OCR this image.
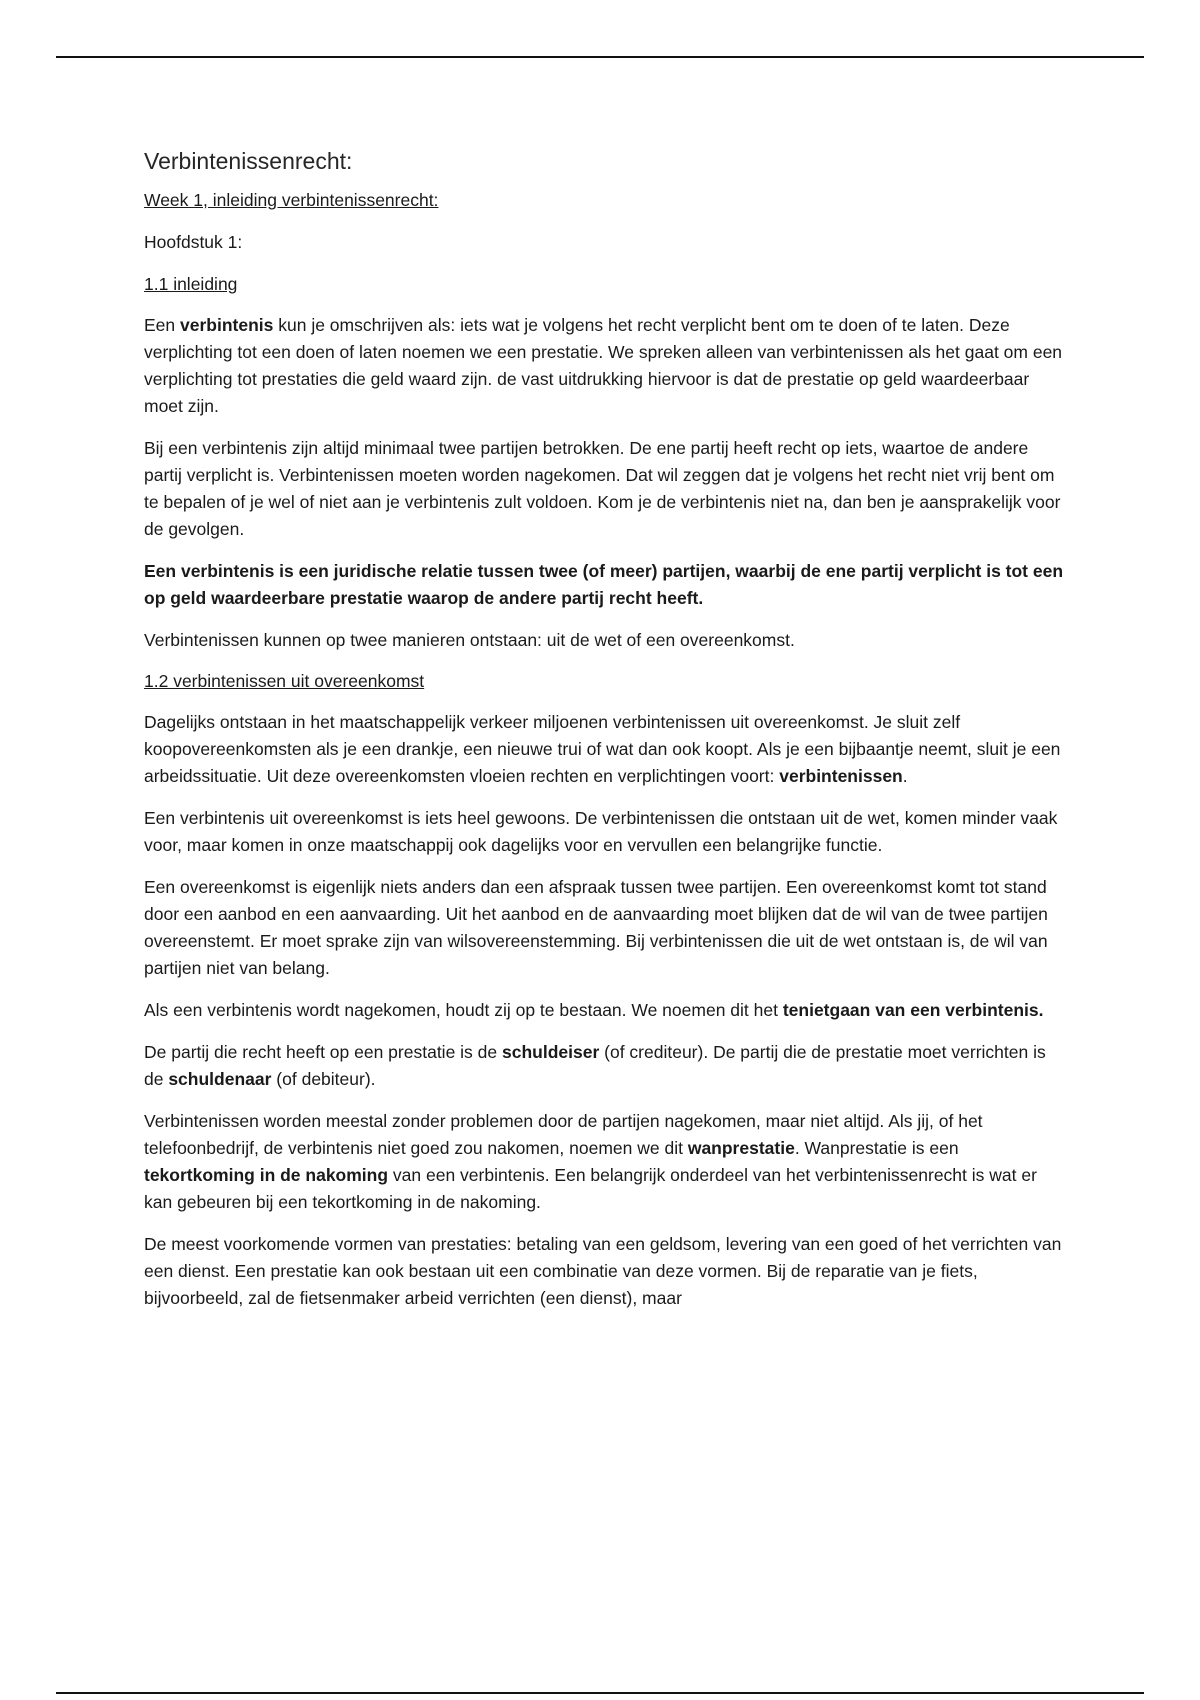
Verbintenissenrecht:
Week 1, inleiding verbintenissenrecht:
Hoofdstuk 1:
1.1 inleiding

Een verbintenis kun je omschrijven als: iets wat je volgens het recht verplicht bent om te doen of te laten. Deze verplichting tot een doen of laten noemen we een prestatie. We spreken alleen van verbintenissen als het gaat om een verplichting tot prestaties die geld waard zijn. de vast uitdrukking hiervoor is dat de prestatie op geld waardeerbaar moet zijn.

Bij een verbintenis zijn altijd minimaal twee partijen betrokken. De ene partij heeft recht op iets, waartoe de andere partij verplicht is. Verbintenissen moeten worden nagekomen. Dat wil zeggen dat je volgens het recht niet vrij bent om te bepalen of je wel of niet aan je verbintenis zult voldoen. Kom je de verbintenis niet na, dan ben je aansprakelijk voor de gevolgen.

Een verbintenis is een juridische relatie tussen twee (of meer) partijen, waarbij de ene partij verplicht is tot een op geld waardeerbare prestatie waarop de andere partij recht heeft.

Verbintenissen kunnen op twee manieren ontstaan: uit de wet of een overeenkomst.

1.2 verbintenissen uit overeenkomst

Dagelijks ontstaan in het maatschappelijk verkeer miljoenen verbintenissen uit overeenkomst. Je sluit zelf koopovereenkomsten als je een drankje, een nieuwe trui of wat dan ook koopt. Als je een bijbaantje neemt, sluit je een arbeidssituatie. Uit deze overeenkomsten vloeien rechten en verplichtingen voort: verbintenissen.

Een verbintenis uit overeenkomst is iets heel gewoons. De verbintenissen die ontstaan uit de wet, komen minder vaak voor, maar komen in onze maatschappij ook dagelijks voor en vervullen een belangrijke functie.

Een overeenkomst is eigenlijk niets anders dan een afspraak tussen twee partijen. Een overeenkomst komt tot stand door een aanbod en een aanvaarding. Uit het aanbod en de aanvaarding moet blijken dat de wil van de twee partijen overeenstemt. Er moet sprake zijn van wilsovereenstemming. Bij verbintenissen die uit de wet ontstaan is, de wil van partijen niet van belang.

Als een verbintenis wordt nagekomen, houdt zij op te bestaan. We noemen dit het tenietgaan van een verbintenis.

De partij die recht heeft op een prestatie is de schuldeiser (of crediteur). De partij die de prestatie moet verrichten is de schuldenaar (of debiteur).

Verbintenissen worden meestal zonder problemen door de partijen nagekomen, maar niet altijd. Als jij, of het telefoonbedrijf, de verbintenis niet goed zou nakomen, noemen we dit wanprestatie. Wanprestatie is een tekortkoming in de nakoming van een verbintenis. Een belangrijk onderdeel van het verbintenissenrecht is wat er kan gebeuren bij een tekortkoming in de nakoming.

De meest voorkomende vormen van prestaties: betaling van een geldsom, levering van een goed of het verrichten van een dienst. Een prestatie kan ook bestaan uit een combinatie van deze vormen. Bij de reparatie van je fiets, bijvoorbeeld, zal de fietsenmaker arbeid verrichten (een dienst), maar
